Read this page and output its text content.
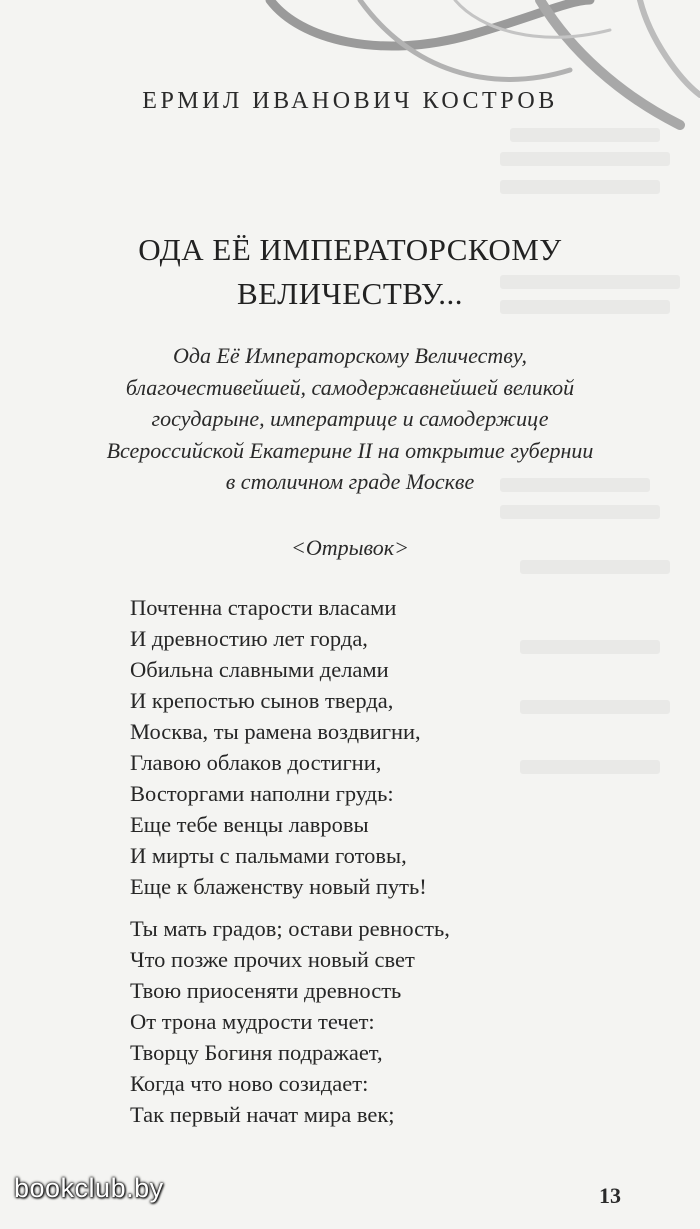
ЕРМИЛ ИВАНОВИЧ КОСТРОВ
ОДА ЕЁ ИМПЕРАТОРСКОМУ
ВЕЛИЧЕСТВУ...
Ода Её Императорскому Величеству,
благочестивейшей, самодержавнейшей великой
государыне, императрице и самодержице
Всероссийской Екатерине II на открытие губернии
в столичном граде Москве
<Отрывок>
Почтенна старости власами
И древностию лет горда,
Обильна славными делами
И крепостью сынов тверда,
Москва, ты рамена воздвигни,
Главою облаков достигни,
Восторгами наполни грудь:
Еще тебе венцы лавровы
И мирты с пальмами готовы,
Еще к блаженству новый путь!
Ты мать градов; остави ревность,
Что позже прочих новый свет
Твою приосеняти древность
От трона мудрости течет:
Творцу Богиня подражает,
Когда что ново созидает:
Так первый начат мира век;
bookclub.by	13
